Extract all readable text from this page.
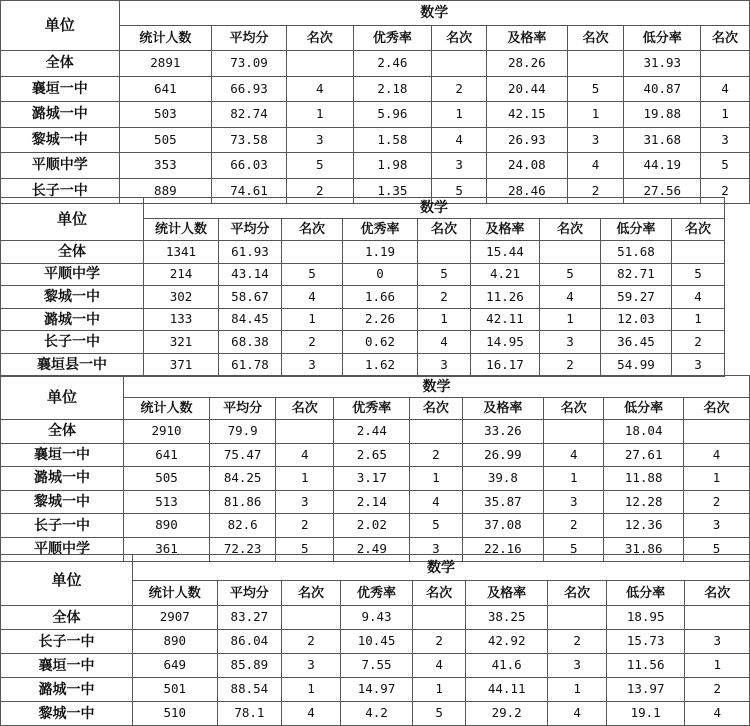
单位	数学								
	统计人数	平均分	名次	优秀率	名次	及格率	名次	低分率	名次
全体	2891	73.09		2.46		28.26		31.93	
襄垣一中	641	66.93	4	2.18	2	20.44	5	40.87	4
潞城一中	503	82.74	1	5.96	1	42.15	1	19.88	1
黎城一中	505	73.58	3	1.58	4	26.93	3	31.68	3
平顺中学	353	66.03	5	1.98	3	24.08	4	44.19	5
长子一中	889	74.61	2	1.35	5	28.46	2	27.56	2
单位	数学								
	统计人数	平均分	名次	优秀率	名次	及格率	名次	低分率	名次
全体	1341	61.93		1.19		15.44		51.68	
平顺中学	214	43.14	5	0	5	4.21	5	82.71	5
黎城一中	302	58.67	4	1.66	2	11.26	4	59.27	4
潞城一中	133	84.45	1	2.26	1	42.11	1	12.03	1
长子一中	321	68.38	2	0.62	4	14.95	3	36.45	2
襄垣县一中	371	61.78	3	1.62	3	16.17	2	54.99	3
单位	数学								
	统计人数	平均分	名次	优秀率	名次	及格率	名次	低分率	名次
全体	2910	79.9		2.44		33.26		18.04	
襄垣一中	641	75.47	4	2.65	2	26.99	4	27.61	4
潞城一中	505	84.25	1	3.17	1	39.8	1	11.88	1
黎城一中	513	81.86	3	2.14	4	35.87	3	12.28	2
长子一中	890	82.6	2	2.02	5	37.08	2	12.36	3
平顺中学	361	72.23	5	2.49	3	22.16	5	31.86	5
单位	数学								
	统计人数	平均分	名次	优秀率	名次	及格率	名次	低分率	名次
全体	2907	83.27		9.43		38.25		18.95	
长子一中	890	86.04	2	10.45	2	42.92	2	15.73	3
襄垣一中	649	85.89	3	7.55	4	41.6	3	11.56	1
潞城一中	501	88.54	1	14.97	1	44.11	1	13.97	2
黎城一中	510	78.1	4	4.2	5	29.2	4	19.1	4
